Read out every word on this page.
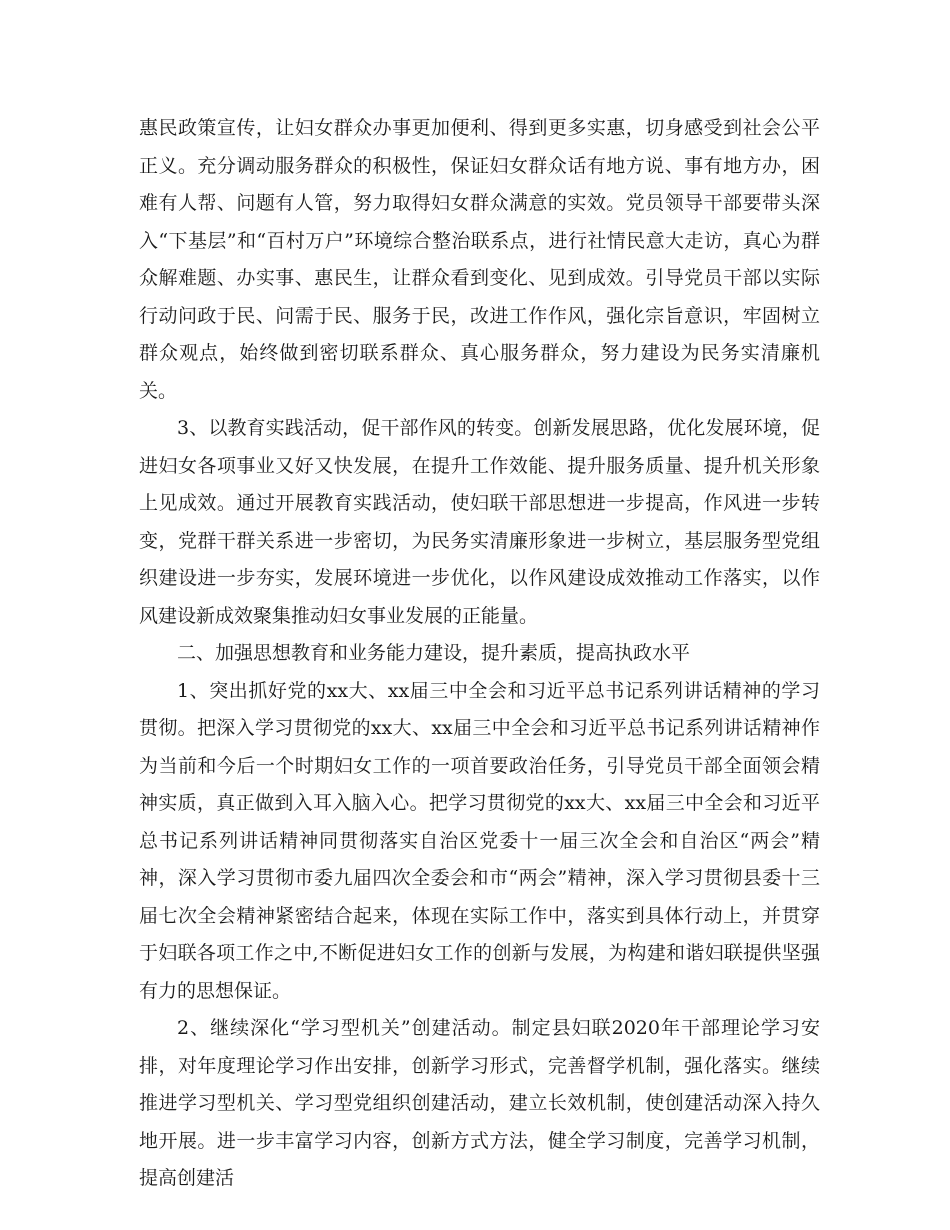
惠民政策宣传，让妇女群众办事更加便利、得到更多实惠，切身感受到社会公平正义。充分调动服务群众的积极性，保证妇女群众话有地方说、事有地方办，困难有人帮、问题有人管，努力取得妇女群众满意的实效。党员领导干部要带头深入“下基层”和“百村万户”环境综合整治联系点，进行社情民意大走访，真心为群众解难题、办实事、惠民生，让群众看到变化、见到成效。引导党员干部以实际行动问政于民、问需于民、服务于民，改进工作作风，强化宗旨意识，牢固树立群众观点，始终做到密切联系群众、真心服务群众，努力建设为民务实清廉机关。

3、以教育实践活动，促干部作风的转变。创新发展思路，优化发展环境，促进妇女各项事业又好又快发展，在提升工作效能、提升服务质量、提升机关形象上见成效。通过开展教育实践活动，使妇联干部思想进一步提高，作风进一步转变，党群干群关系进一步密切，为民务实清廉形象进一步树立，基层服务型党组织建设进一步夯实，发展环境进一步优化，以作风建设成效推动工作落实，以作风建设新成效聚集推动妇女事业发展的正能量。

二、加强思想教育和业务能力建设，提升素质，提高执政水平

1、突出抓好党的xx大、xx届三中全会和习近平总书记系列讲话精神的学习贯彻。把深入学习贯彻党的xx大、xx届三中全会和习近平总书记系列讲话精神作为当前和今后一个时期妇女工作的一项首要政治任务，引导党员干部全面领会精神实质，真正做到入耳入脑入心。把学习贯彻党的xx大、xx届三中全会和习近平总书记系列讲话精神同贯彻落实自治区党委十一届三次全会和自治区“两会”精神，深入学习贯彻市委九届四次全委会和市“两会”精神，深入学习贯彻县委十三届七次全会精神紧密结合起来，体现在实际工作中，落实到具体行动上，并贯穿于妇联各项工作之中,不断促进妇女工作的创新与发展，为构建和谐妇联提供坚强有力的思想保证。

2、继续深化“学习型机关”创建活动。制定县妇联2020年干部理论学习安排，对年度理论学习作出安排，创新学习形式，完善督学机制，强化落实。继续推进学习型机关、学习型党组织创建活动，建立长效机制，使创建活动深入持久地开展。进一步丰富学习内容，创新方式方法，健全学习制度，完善学习机制，提高创建活
